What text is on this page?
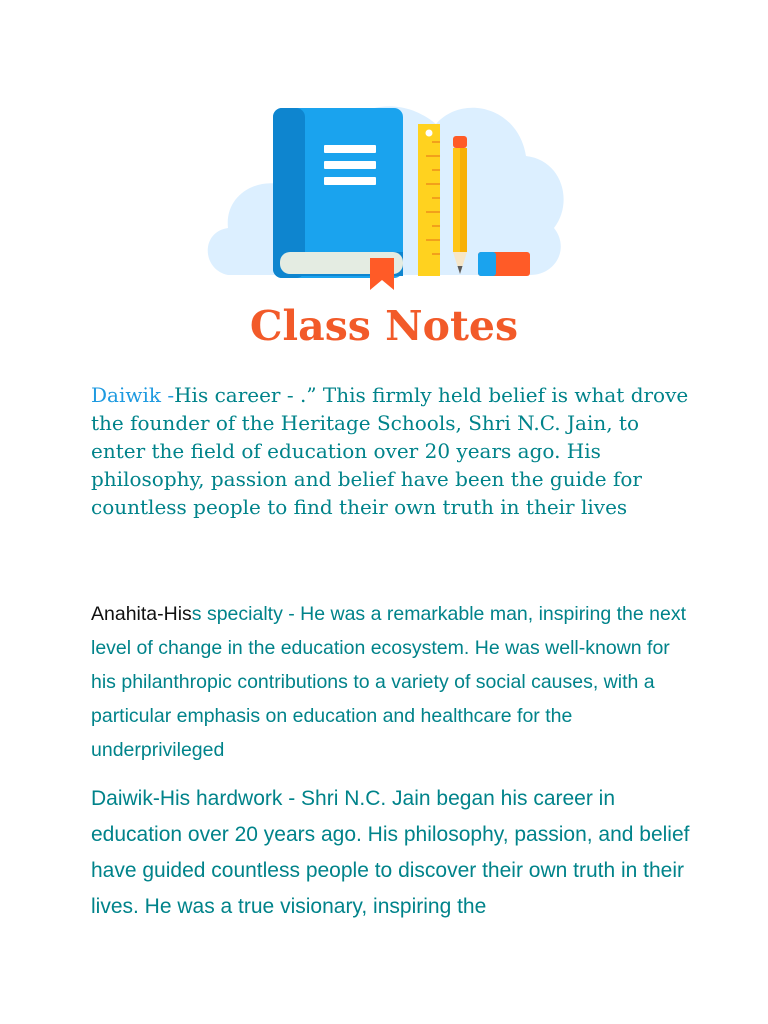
Class Notes

Daiwik -His career - .” This firmly held belief is what drove the founder of the Heritage Schools, Shri N.C. Jain, to enter the field of education over 20 years ago. His philosophy, passion and belief have been the guide for countless people to find their own truth in their lives

Anahita-Hiss specialty - He was a remarkable man, inspiring the next level of change in the education ecosystem. He was well-known for his philanthropic contributions to a variety of social causes, with a particular emphasis on education and healthcare for the underprivileged

Daiwik-His hardwork - Shri N.C. Jain began his career in education over 20 years ago. His philosophy, passion, and belief have guided countless people to discover their own truth in their lives. He was a true visionary, inspiring the
